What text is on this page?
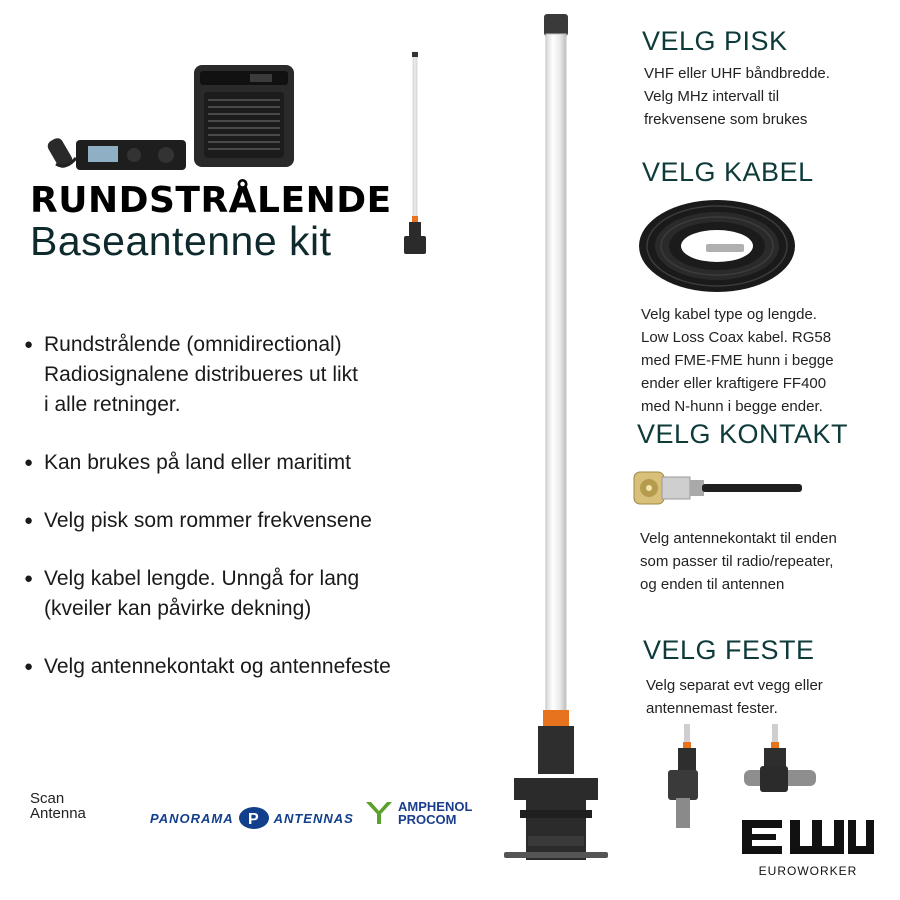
RUNDSTRÅLENDE
Baseantenne kit
● Rundstrålende (omnidirectional)
Radiosignalene distribueres ut likt
i alle retninger.
● Kan brukes på land eller maritimt
● Velg pisk som rommer frekvensene
● Velg kabel lengde. Unngå for lang
(kveiler kan påvirke dekning)
● Velg antennekontakt og antennefeste
VELG PISK
VHF eller UHF båndbredde.
Velg MHz intervall til
frekvensene som brukes
VELG KABEL
Velg kabel type og lengde.
Low Loss Coax kabel. RG58
med FME-FME hunn i begge
ender eller kraftigere FF400
med N-hunn i begge ender.
VELG KONTAKT
Velg antennekontakt til enden
som passer til radio/repeater,
og enden til antennen
VELG FESTE
Velg separat evt vegg eller
antennemast fester.
Scan
Antenna	PANORAMA P ANTENNAS
AMPHENOL
PROCOM
EUROWORKER
